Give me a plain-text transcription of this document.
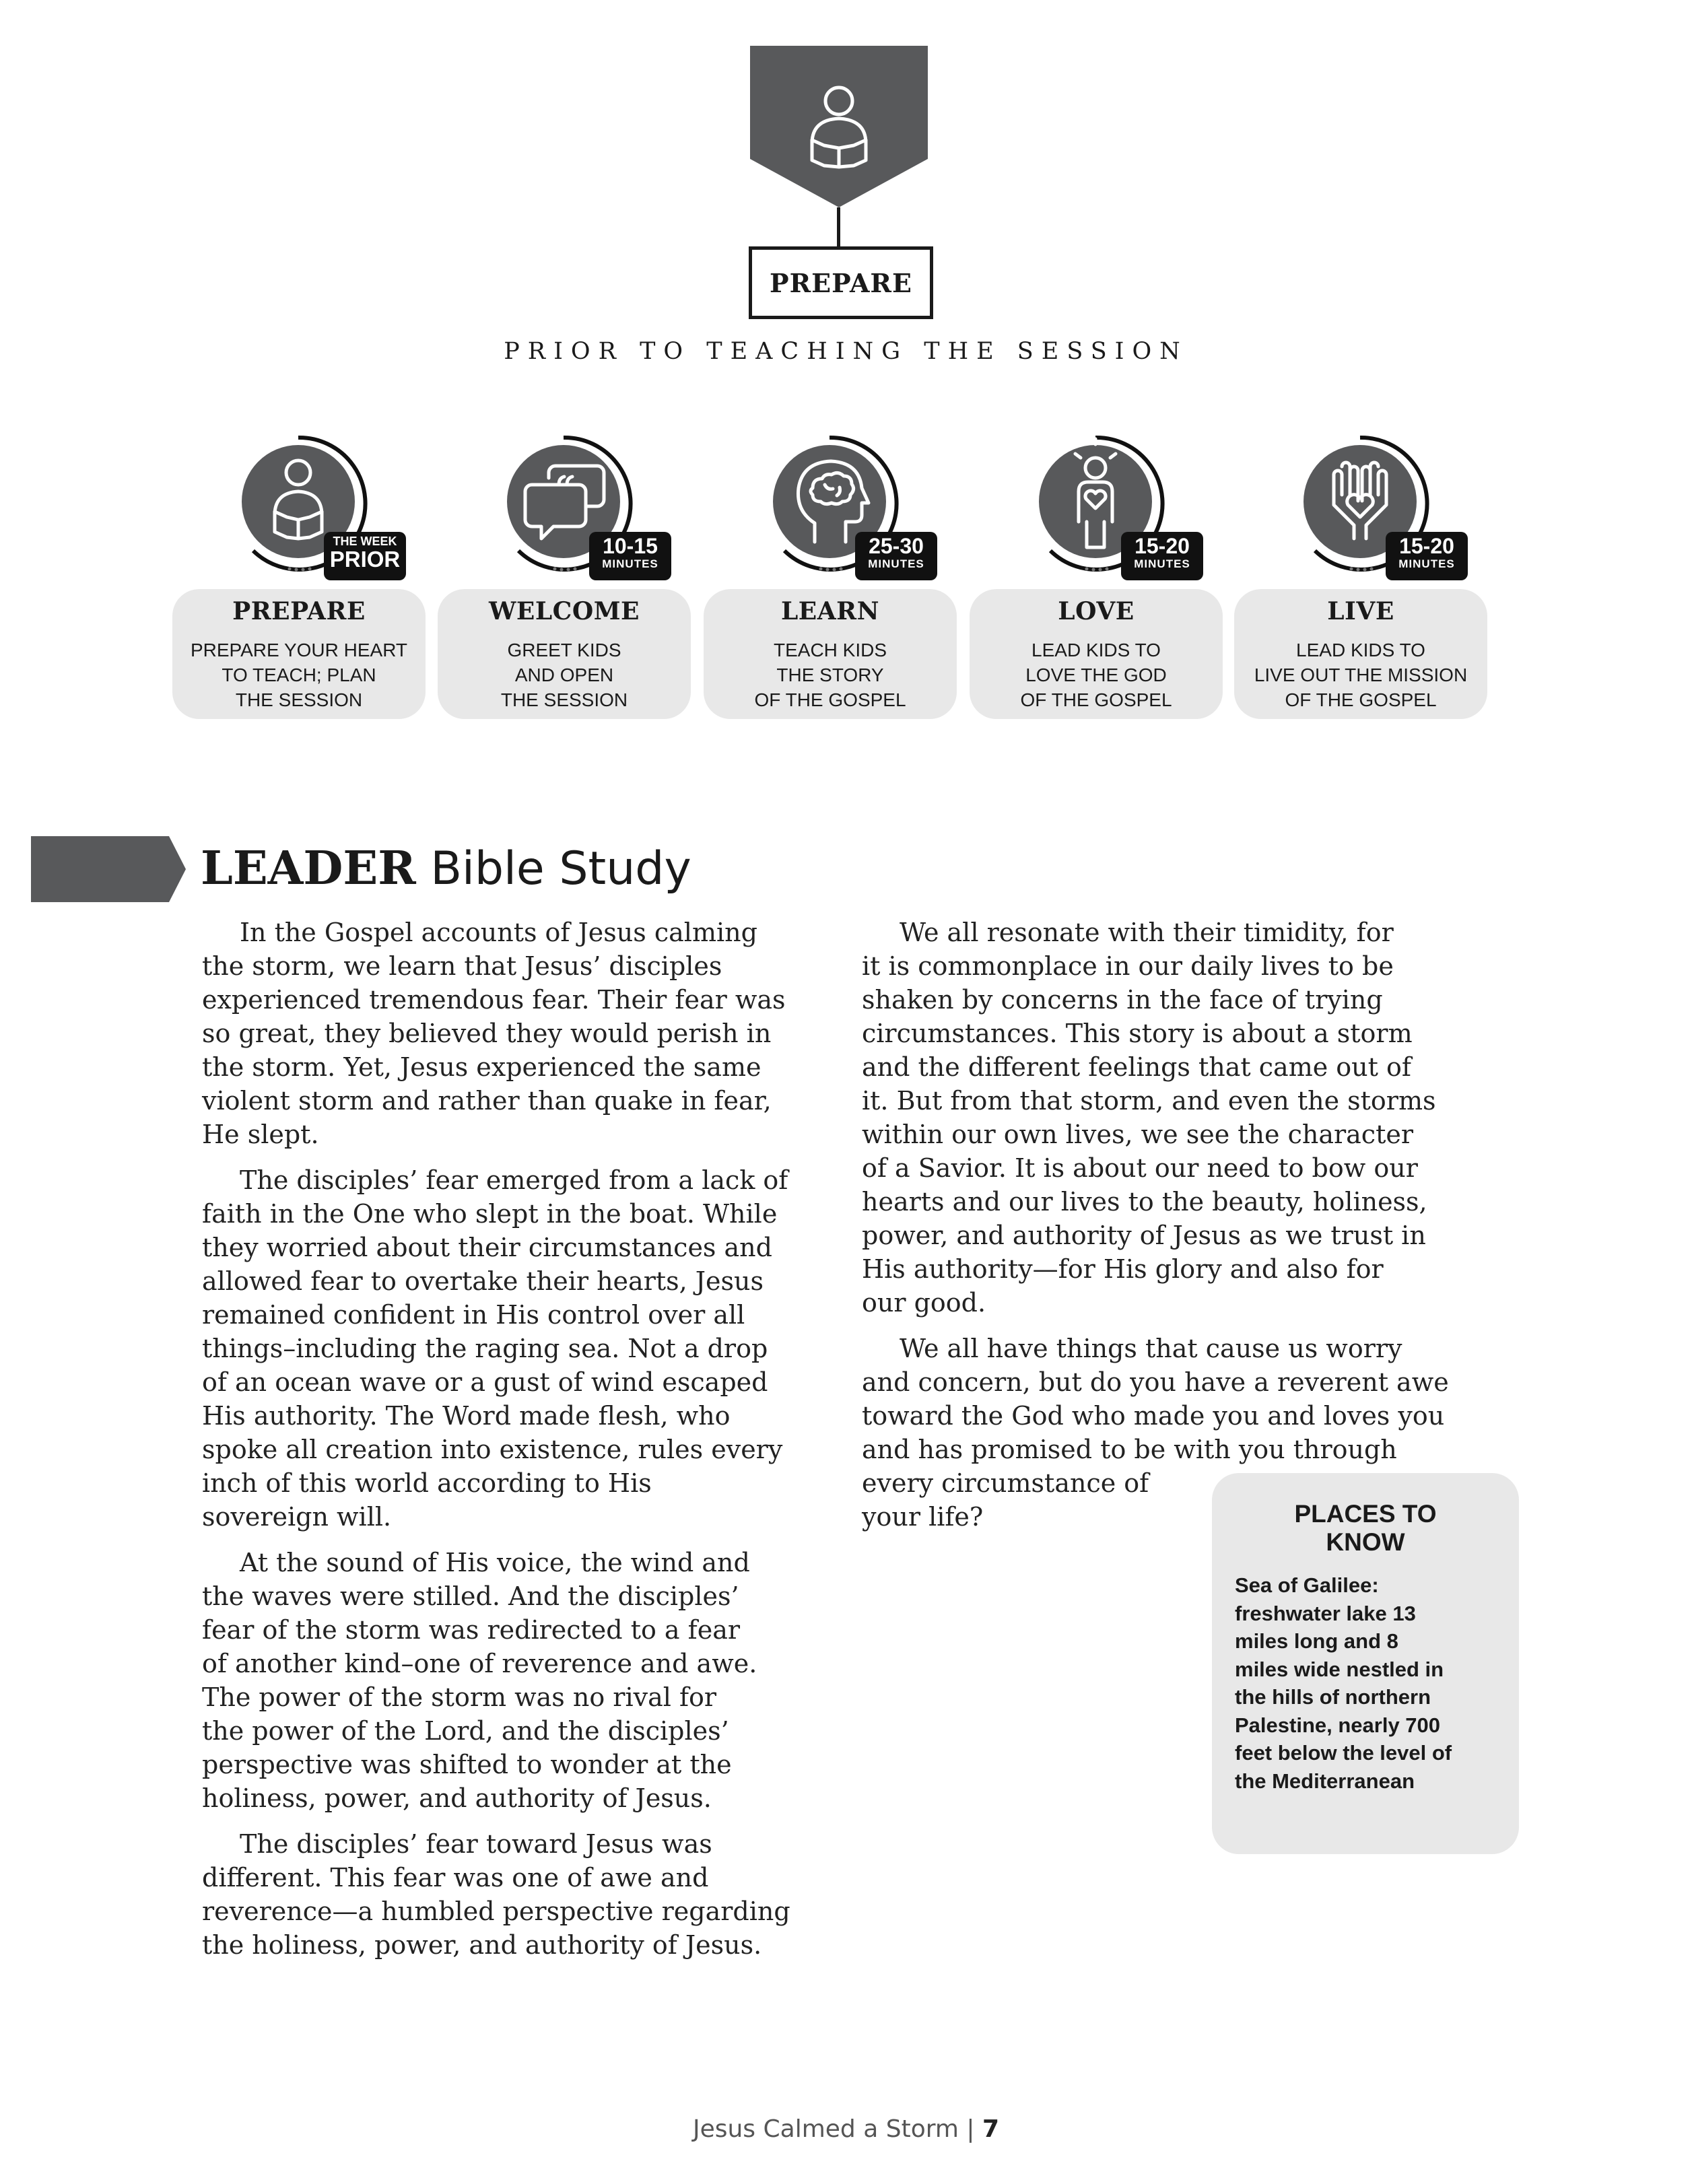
PREPARE
PRIOR TO TEACHING THE SESSION
THE WEEK
PRIOR
PREPARE
PREPARE YOUR HEART
TO TEACH; PLAN
THE SESSION
10-15
MINUTES
WELCOME
GREET KIDS
AND OPEN
THE SESSION
25-30
MINUTES
LEARN
TEACH KIDS
THE STORY
OF THE GOSPEL
15-20
MINUTES
LOVE
LEAD KIDS TO
LOVE THE GOD
OF THE GOSPEL
15-20
MINUTES
LIVE
LEAD KIDS TO
LIVE OUT THE MISSION
OF THE GOSPEL
LEADER Bible Study

In the Gospel accounts of Jesus calming
the storm, we learn that Jesus’ disciples
experienced tremendous fear. Their fear was
so great, they believed they would perish in
the storm. Yet, Jesus experienced the same
violent storm and rather than quake in fear,
He slept.

The disciples’ fear emerged from a lack of
faith in the One who slept in the boat. While
they worried about their circumstances and
allowed fear to overtake their hearts, Jesus
remained confident in His control over all
things–including the raging sea. Not a drop
of an ocean wave or a gust of wind escaped
His authority. The Word made flesh, who
spoke all creation into existence, rules every
inch of this world according to His
sovereign will.

At the sound of His voice, the wind and
the waves were stilled. And the disciples’
fear of the storm was redirected to a fear
of another kind–one of reverence and awe.
The power of the storm was no rival for
the power of the Lord, and the disciples’
perspective was shifted to wonder at the
holiness, power, and authority of Jesus.

The disciples’ fear toward Jesus was
different. This fear was one of awe and
reverence—a humbled perspective regarding
the holiness, power, and authority of Jesus.

We all resonate with their timidity, for
it is commonplace in our daily lives to be
shaken by concerns in the face of trying
circumstances. This story is about a storm
and the different feelings that came out of
it. But from that storm, and even the storms
within our own lives, we see the character
of a Savior. It is about our need to bow our
hearts and our lives to the beauty, holiness,
power, and authority of Jesus as we trust in
His authority—for His glory and also for
our good.

We all have things that cause us worry
and concern, but do you have a reverent awe
toward the God who made you and loves you
and has promised to be with you through
every circumstance of
your life?	PLACES TO
KNOW
Sea of Galilee:
freshwater lake 13
miles long and 8
miles wide nestled in
the hills of northern
Palestine, nearly 700
feet below the level of
the Mediterranean
Jesus Calmed a Storm | 7
